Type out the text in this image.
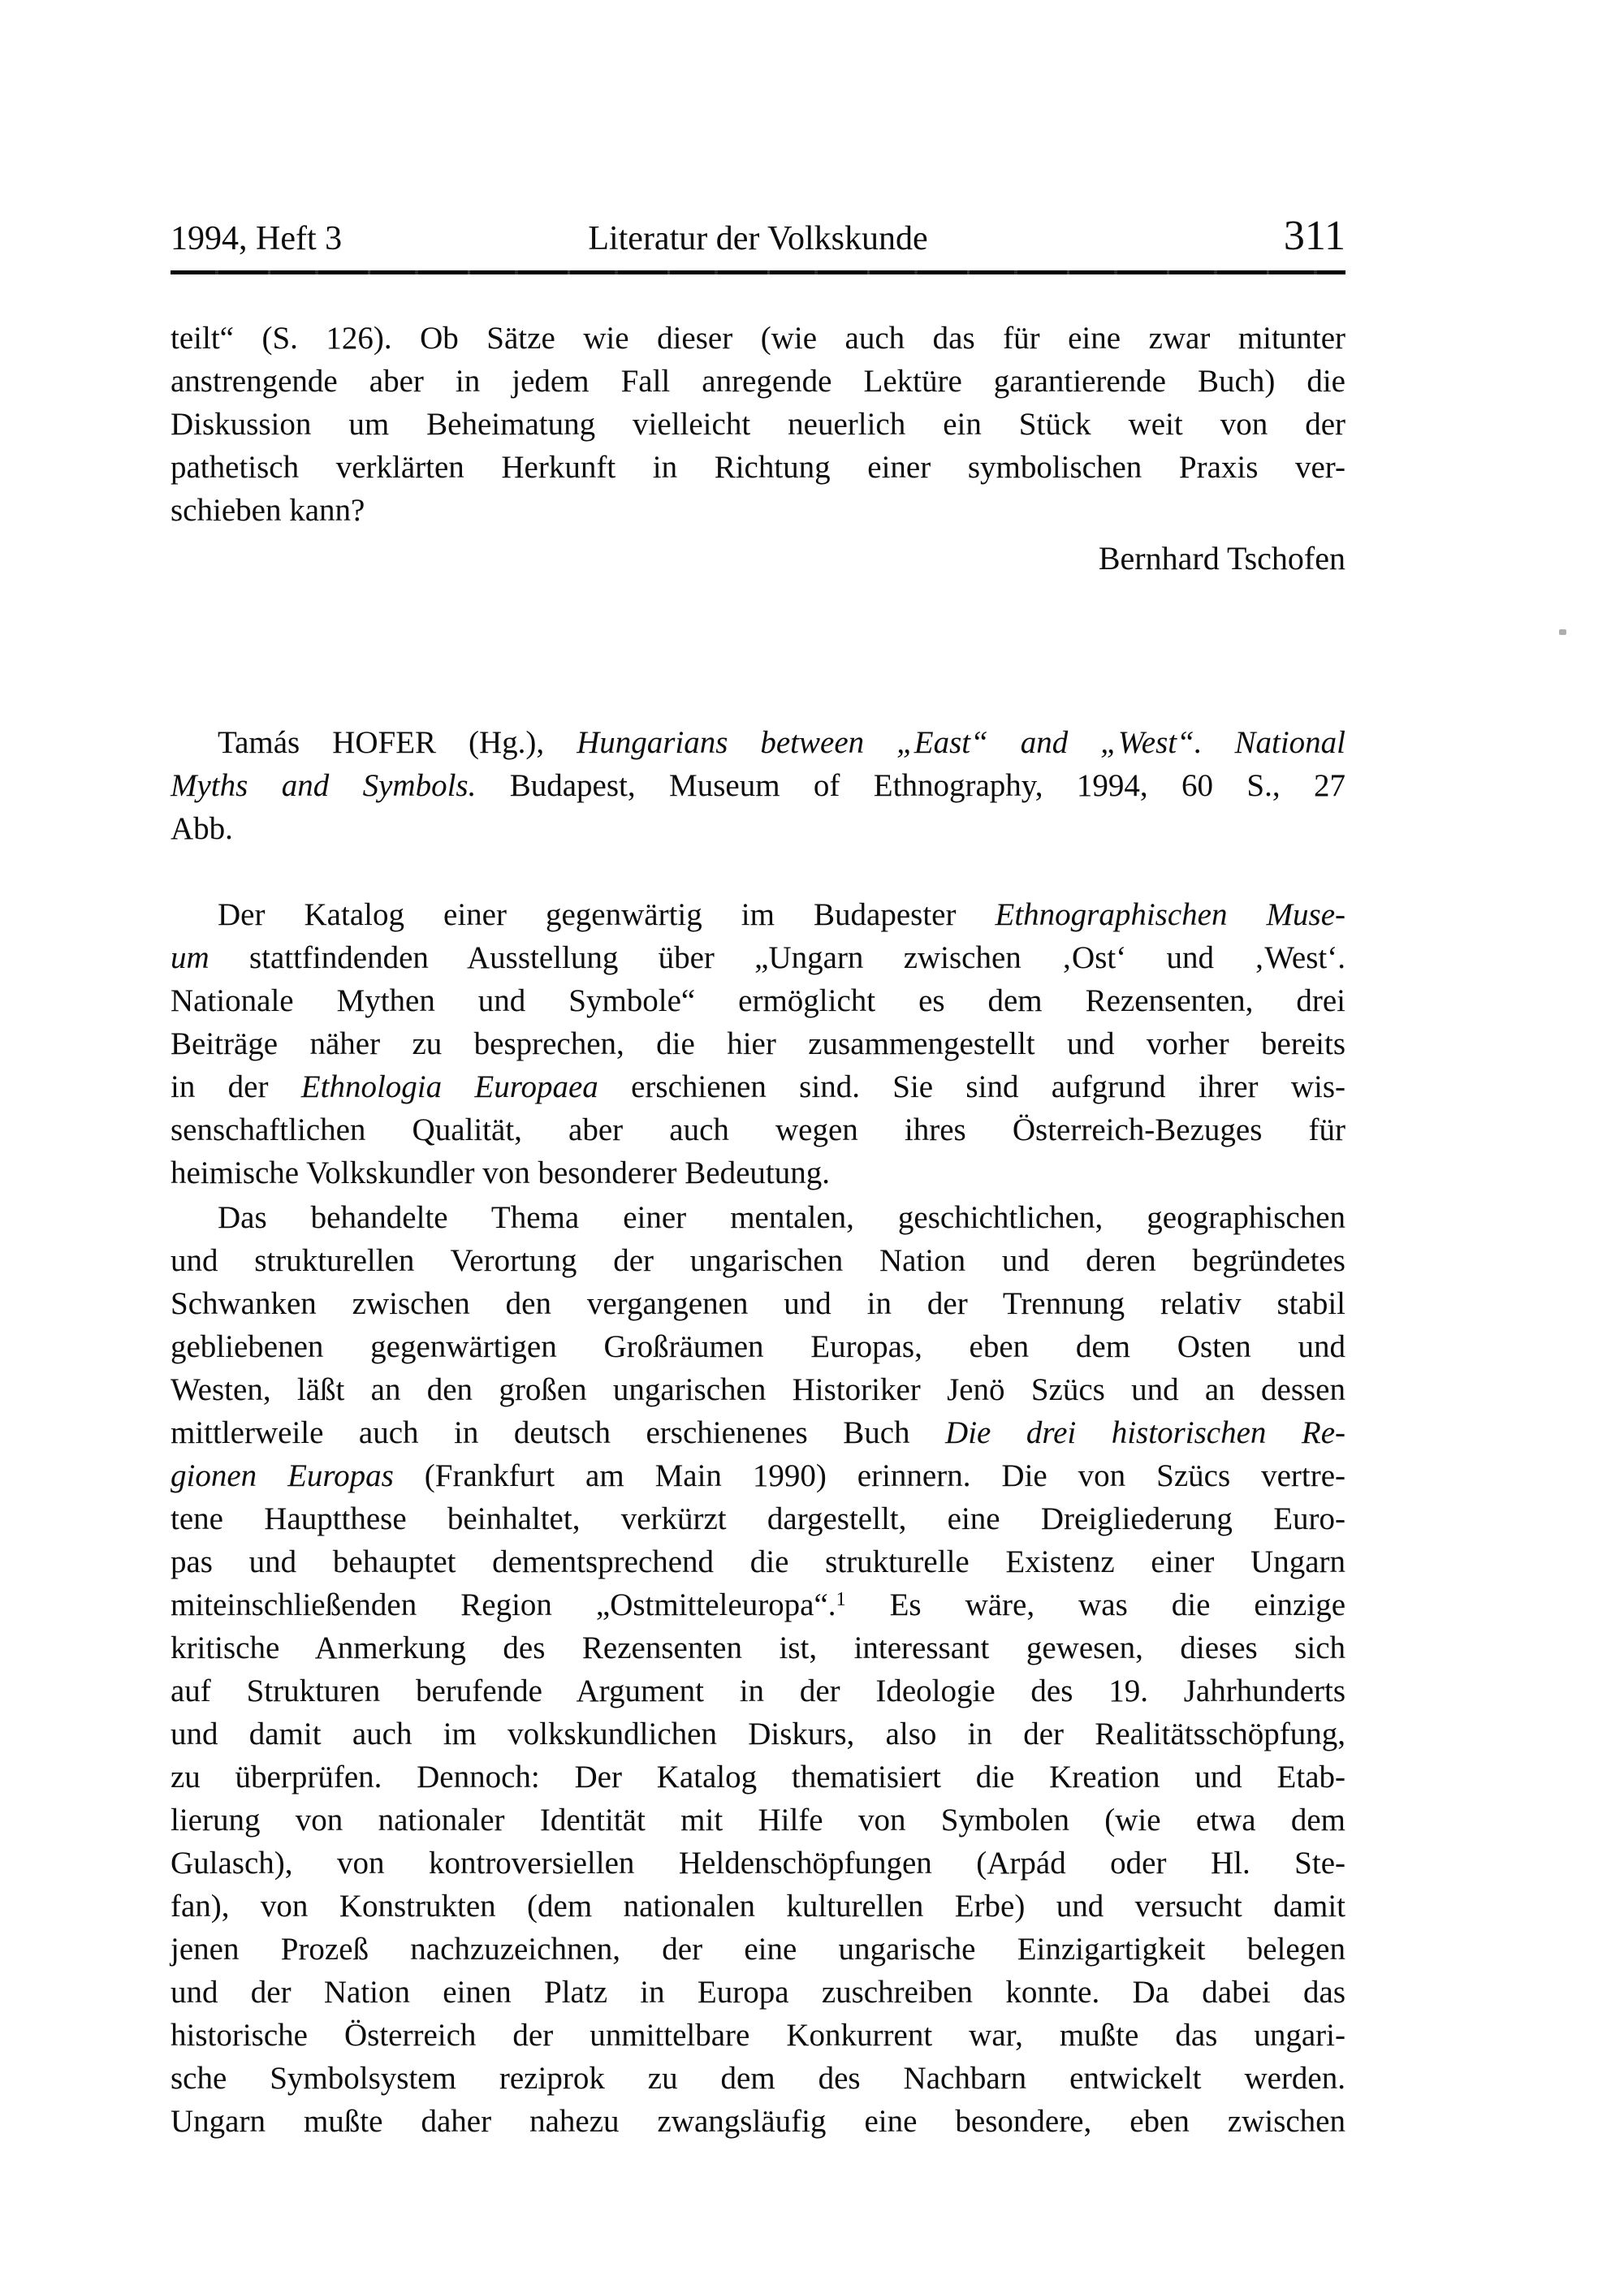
1994, Heft 3	Literatur der Volkskunde	311
teilt“ (S. 126). Ob Sätze wie dieser (wie auch das für eine zwar mitunter
anstrengende aber in jedem Fall anregende Lektüre garantierende Buch) die
Diskussion um Beheimatung vielleicht neuerlich ein Stück weit von der
pathetisch verklärten Herkunft in Richtung einer symbolischen Praxis ver-
schieben kann?
Bernhard Tschofen
Tamás HOFER (Hg.), Hungarians between „East“ and „West“. National
Myths and Symbols. Budapest, Museum of Ethnography, 1994, 60 S., 27
Abb.
Der Katalog einer gegenwärtig im Budapester Ethnographischen Muse-
um stattfindenden Ausstellung über „Ungarn zwischen ‚Ost‘ und ‚West‘.
Nationale Mythen und Symbole“ ermöglicht es dem Rezensenten, drei
Beiträge näher zu besprechen, die hier zusammengestellt und vorher bereits
in der Ethnologia Europaea erschienen sind. Sie sind aufgrund ihrer wis-
senschaftlichen Qualität, aber auch wegen ihres Österreich-Bezuges für
heimische Volkskundler von besonderer Bedeutung.
Das behandelte Thema einer mentalen, geschichtlichen, geographischen
und strukturellen Verortung der ungarischen Nation und deren begründetes
Schwanken zwischen den vergangenen und in der Trennung relativ stabil
gebliebenen gegenwärtigen Großräumen Europas, eben dem Osten und
Westen, läßt an den großen ungarischen Historiker Jenö Szücs und an dessen
mittlerweile auch in deutsch erschienenes Buch Die drei historischen Re-
gionen Europas (Frankfurt am Main 1990) erinnern. Die von Szücs vertre-
tene Hauptthese beinhaltet, verkürzt dargestellt, eine Dreigliederung Euro-
pas und behauptet dementsprechend die strukturelle Existenz einer Ungarn
miteinschließenden Region „Ostmitteleuropa“.$^1$ Es wäre, was die einzige
kritische Anmerkung des Rezensenten ist, interessant gewesen, dieses sich
auf Strukturen berufende Argument in der Ideologie des 19. Jahrhunderts
und damit auch im volkskundlichen Diskurs, also in der Realitätsschöpfung,
zu überprüfen. Dennoch: Der Katalog thematisiert die Kreation und Etab-
lierung von nationaler Identität mit Hilfe von Symbolen (wie etwa dem
Gulasch), von kontroversiellen Heldenschöpfungen (Arpád oder Hl. Ste-
fan), von Konstrukten (dem nationalen kulturellen Erbe) und versucht damit
jenen Prozeß nachzuzeichnen, der eine ungarische Einzigartigkeit belegen
und der Nation einen Platz in Europa zuschreiben konnte. Da dabei das
historische Österreich der unmittelbare Konkurrent war, mußte das ungari-
sche Symbolsystem reziprok zu dem des Nachbarn entwickelt werden.
Ungarn mußte daher nahezu zwangsläufig eine besondere, eben zwischen
